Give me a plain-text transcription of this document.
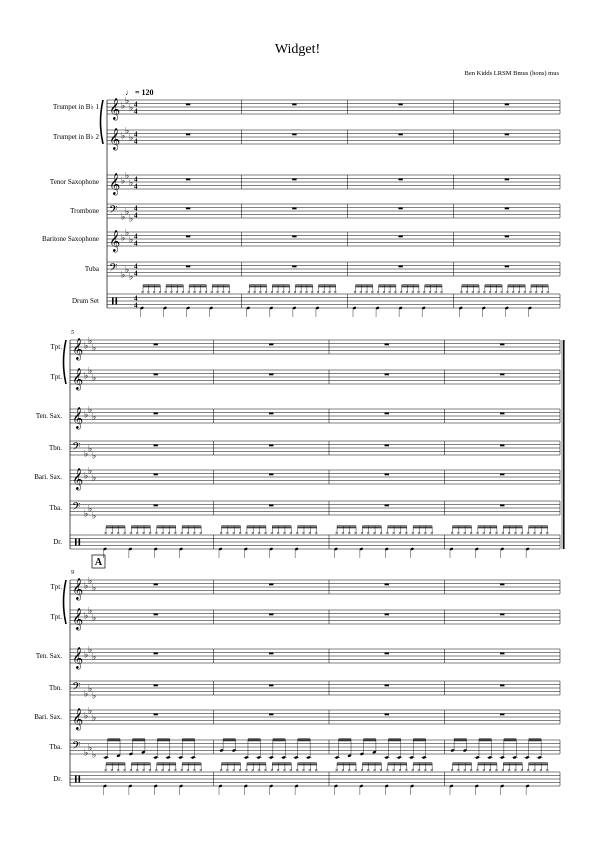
Widget!
Ben Kidds LRSM Bmus (hons) mus
♩ = 120
Trumpet in B♭ 1 𝄞 ♭
♭
♭ 4
4
Trumpet in B♭ 2 𝄞 ♭
♭
♭ 4
4
Tenor Saxophone 𝄞 ♭
♭
♭ 4
4
Trombone 𝄢 ♭
♭
♭
4
4
Baritone Saxophone 𝄞 ♭
♭
♭ 4
4
Tuba 𝄢 ♭
♭
♭
4
4
Drum Set	4
4
× × × × × × × × × × × × × × × ×	× × × × × × × × × × × × × × × ×	× × × × × × × × × × × × × × × ×	× × × × × × × × × × × × × × × ×
5
Tpt. 𝄞 ♭
♭
♭
Tpt. 𝄞 ♭
♭
♭
Ten. Sax. 𝄞 ♭
♭
♭
Tbn. 𝄢 ♭
♭
♭
Bari. Sax. 𝄞 ♭
♭
♭
Tba. 𝄢 ♭
♭
♭
Dr.
× × × × × × × × × × × × × × × ×	× × × × × × × × × × × × × × × ×	× × × × × × × × × × × × × × × ×	× × × × × × × × × × × × × × × ×
9
A
Tpt. 𝄞 ♭
♭
♭
Tpt. 𝄞 ♭
♭
♭
Ten. Sax. 𝄞 ♭
♭
♭
Tbn. 𝄢 ♭
♭
♭
Bari. Sax. 𝄞 ♭
♭
♭
Tba. 𝄢 ♭
♭
♭
Dr.
× × × × × × × × × × × × × × × ×	× × × × × × × × × × × × × × × ×	× × × × × × × × × × × × × × × ×	× × × × × × × × × × × × × × × ×
